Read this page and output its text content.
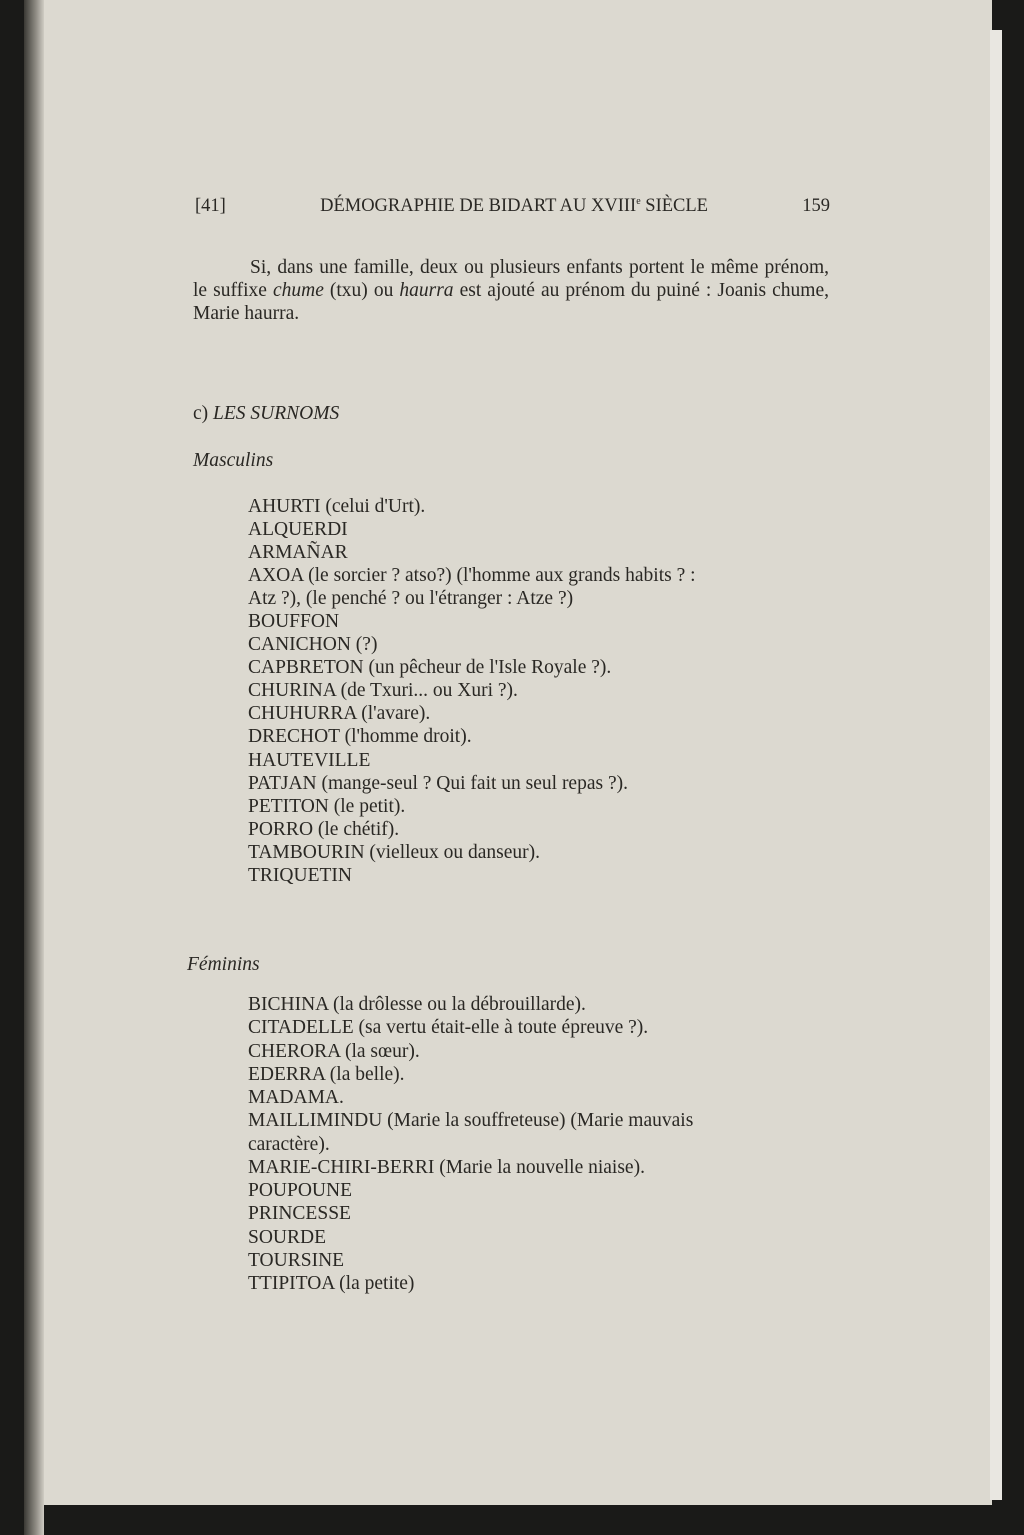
[41]	DÉMOGRAPHIE DE BIDART AU XVIIIe SIÈCLE	159
Si, dans une famille, deux ou plusieurs enfants portent le même prénom, le suffixe chume (txu) ou haurra est ajouté au prénom du puiné : Joanis chume, Marie haurra.
c) LES SURNOMS
Masculins
AHURTI (celui d'Urt).
ALQUERDI
ARMAÑAR
AXOA (le sorcier ? atso?) (l'homme aux grands habits ? :
Atz ?), (le penché ? ou l'étranger : Atze ?)
BOUFFON
CANICHON (?)
CAPBRETON (un pêcheur de l'Isle Royale ?).
CHURINA (de Txuri... ou Xuri ?).
CHUHURRA (l'avare).
DRECHOT (l'homme droit).
HAUTEVILLE
PATJAN (mange-seul ? Qui fait un seul repas ?).
PETITON (le petit).
PORRO (le chétif).
TAMBOURIN (vielleux ou danseur).
TRIQUETIN
Féminins
BICHINA (la drôlesse ou la débrouillarde).
CITADELLE (sa vertu était-elle à toute épreuve ?).
CHERORA (la sœur).
EDERRA (la belle).
MADAMA.
MAILLIMINDU (Marie la souffreteuse) (Marie mauvais
caractère).
MARIE-CHIRI-BERRI (Marie la nouvelle niaise).
POUPOUNE
PRINCESSE
SOURDE
TOURSINE
TTIPITOA (la petite)
